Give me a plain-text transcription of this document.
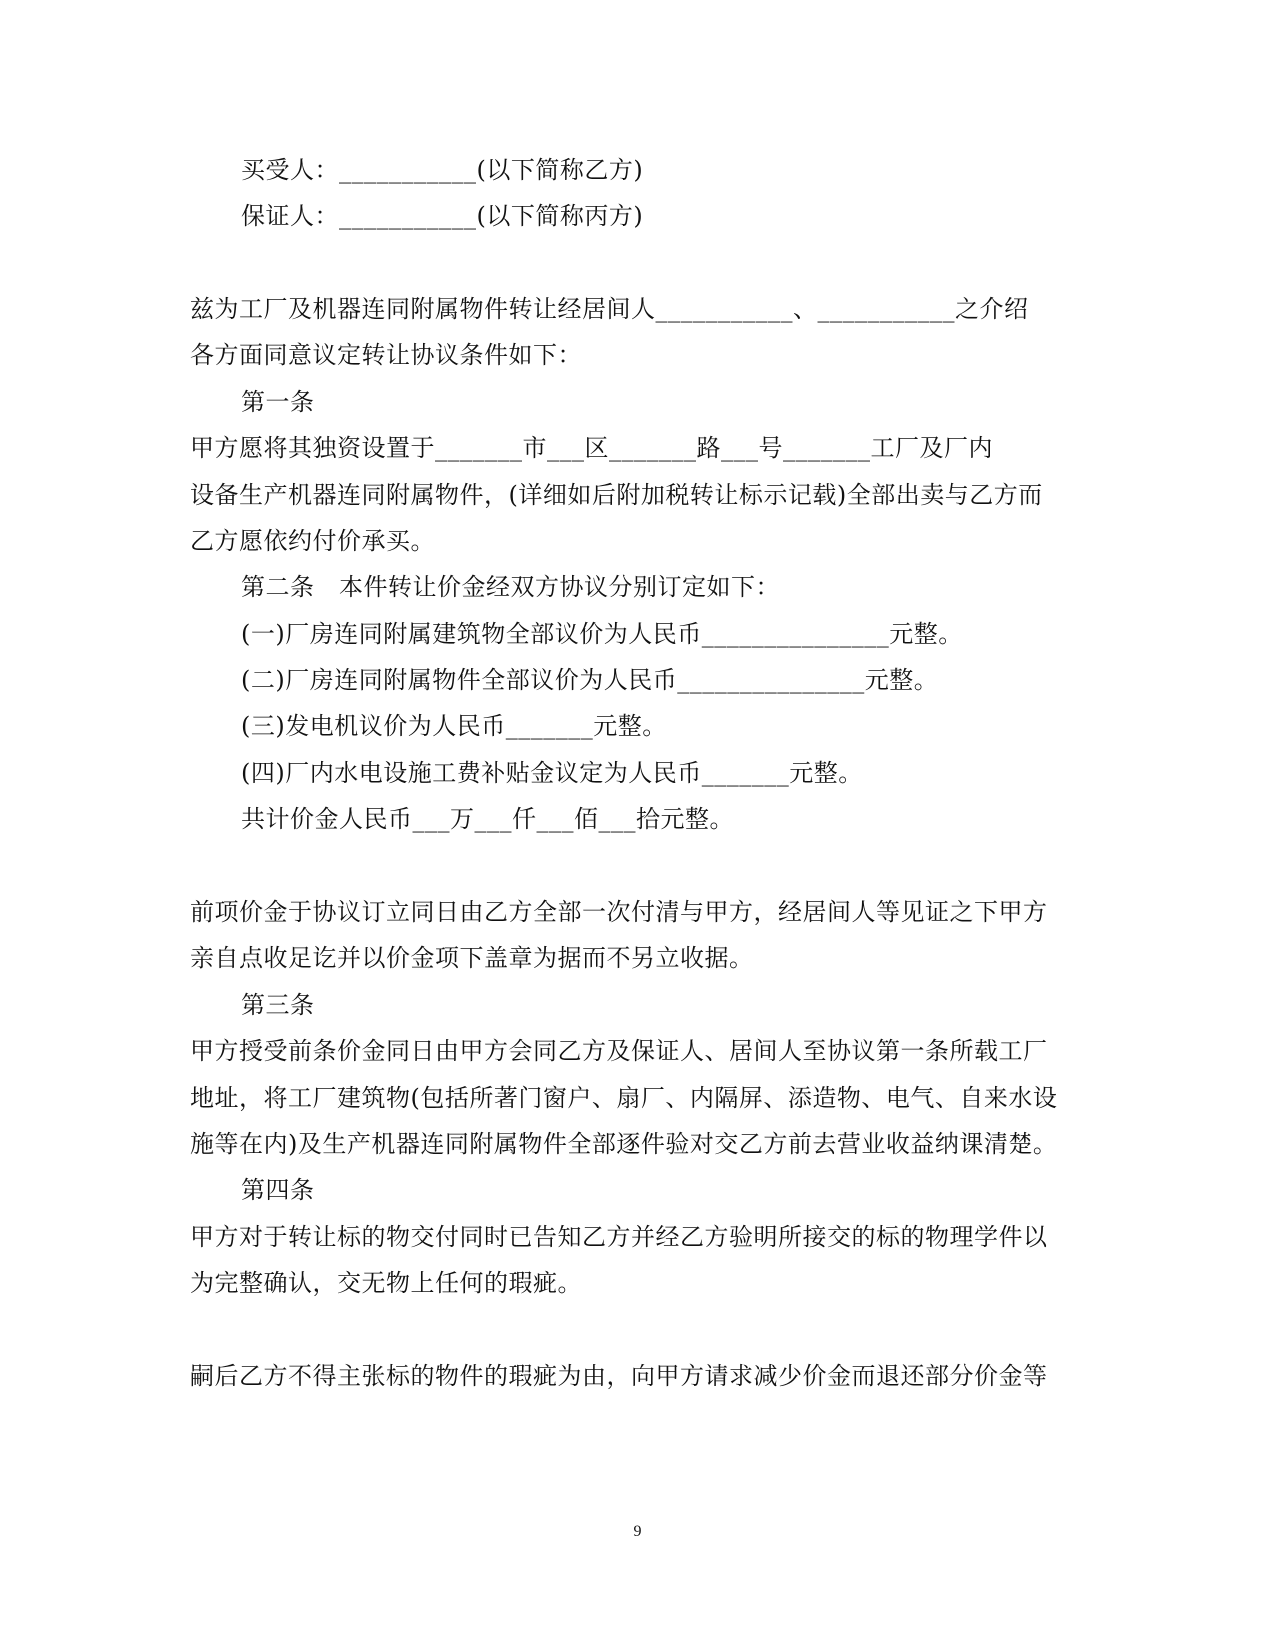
买受人：___________(以下简称乙方)
保证人：___________(以下简称丙方)
兹为工厂及机器连同附属物件转让经居间人___________、___________之介绍
各方面同意议定转让协议条件如下：
第一条
甲方愿将其独资设置于_______市___区_______路___号_______工厂及厂内
设备生产机器连同附属物件，(详细如后附加税转让标示记载)全部出卖与乙方而
乙方愿依约付价承买。
第二条　本件转让价金经双方协议分别订定如下：
(一)厂房连同附属建筑物全部议价为人民币_______________元整。
(二)厂房连同附属物件全部议价为人民币_______________元整。
(三)发电机议价为人民币_______元整。
(四)厂内水电设施工费补贴金议定为人民币_______元整。
共计价金人民币___万___仟___佰___拾元整。
前项价金于协议订立同日由乙方全部一次付清与甲方，经居间人等见证之下甲方
亲自点收足讫并以价金项下盖章为据而不另立收据。
第三条
甲方授受前条价金同日由甲方会同乙方及保证人、居间人至协议第一条所载工厂
地址，将工厂建筑物(包括所著门窗户、扇厂、内隔屏、添造物、电气、自来水设
施等在内)及生产机器连同附属物件全部逐件验对交乙方前去营业收益纳课清楚。
第四条
甲方对于转让标的物交付同时已告知乙方并经乙方验明所接交的标的物理学件以
为完整确认，交无物上任何的瑕疵。
嗣后乙方不得主张标的物件的瑕疵为由，向甲方请求减少价金而退还部分价金等
9
